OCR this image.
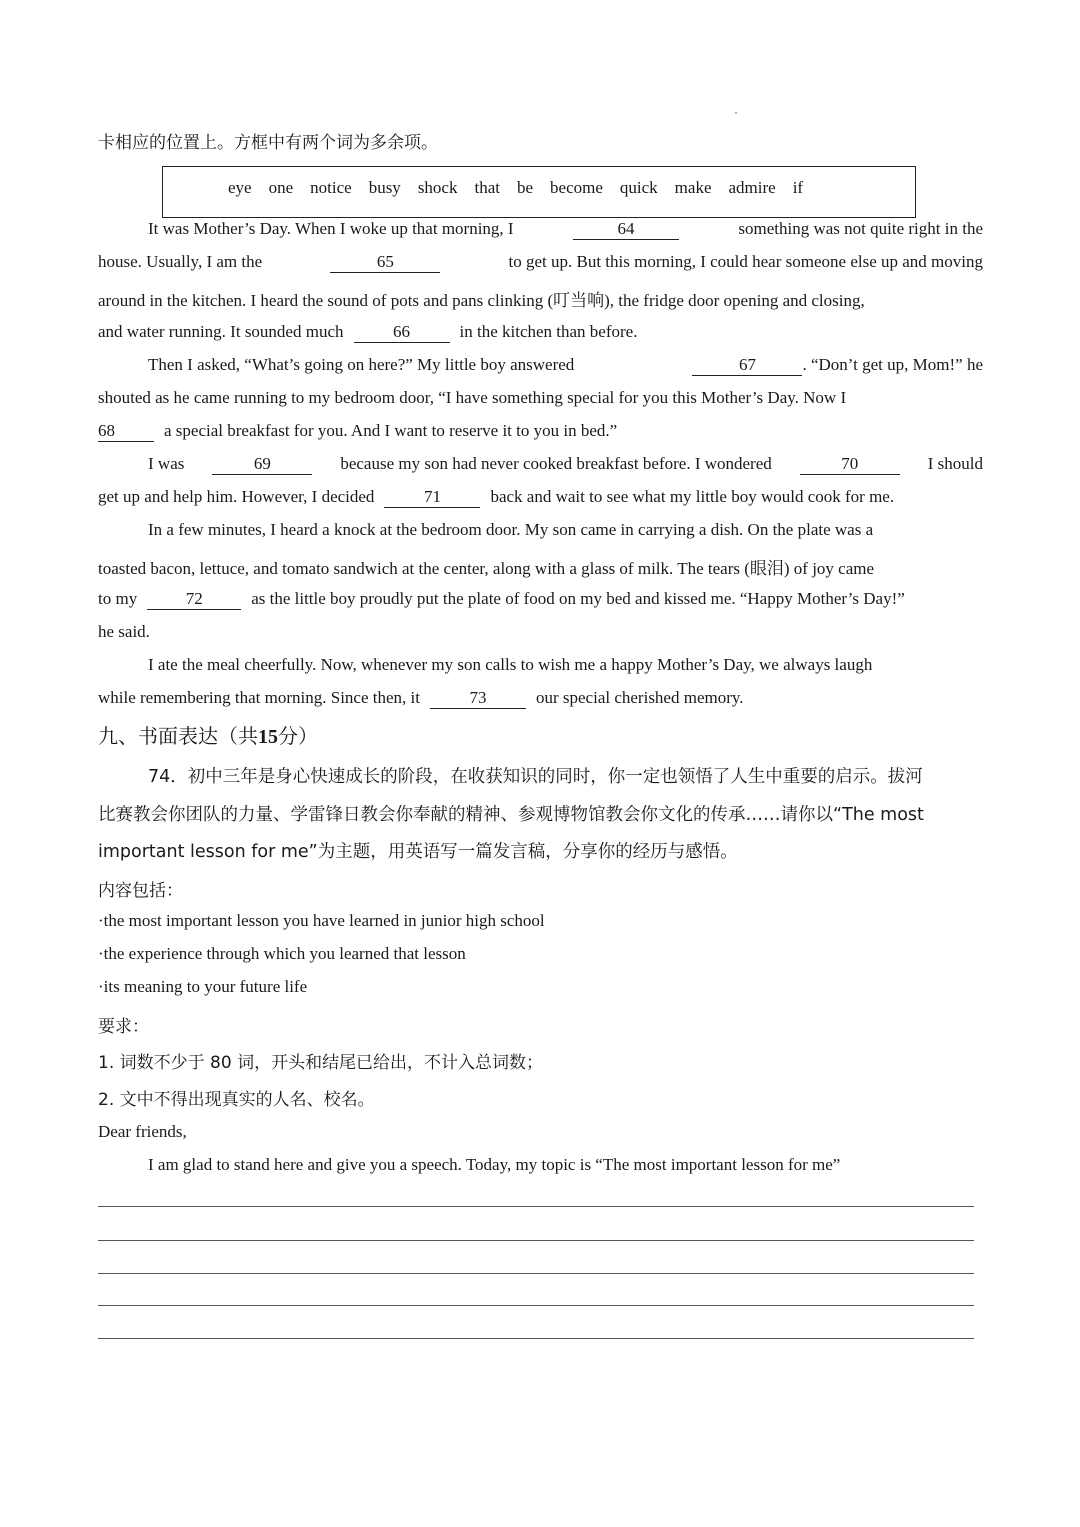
卡相应的位置上。方框中有两个词为多余项。
eye one notice busy shock that be become quick make admire if
It was Mother’s Day. When I woke up that morning, I	64	something was not quite right in the
house. Usually, I am the	65	to get up. But this morning, I could hear someone else up and moving
around in the kitchen. I heard the sound of pots and pans clinking (叮当响), the fridge door opening and closing,
and water running. It sounded much	66	in the kitchen than before.
Then I asked, “What’s going on here?” My little boy answered	67	. “Don’t get up, Mom!” he
shouted as he came running to my bedroom door, “I have something special for you this Mother’s Day. Now I
68	a special breakfast for you. And I want to reserve it to you in bed.”
I was	69	because my son had never cooked breakfast before. I wondered	70	I should
get up and help him. However, I decided	71	back and wait to see what my little boy would cook for me.
In a few minutes, I heard a knock at the bedroom door. My son came in carrying a dish. On the plate was a
toasted bacon, lettuce, and tomato sandwich at the center, along with a glass of milk. The tears (眼泪) of joy came
to my	72	as the little boy proudly put the plate of food on my bed and kissed me. “Happy Mother’s Day!”
he said.
I ate the meal cheerfully. Now, whenever my son calls to wish me a happy Mother’s Day, we always laugh
while remembering that morning. Since then, it	73	our special cherished memory.
九、书面表达（共15分）
74．初中三年是身心快速成长的阶段，在收获知识的同时，你一定也领悟了人生中重要的启示。拔河
比赛教会你团队的力量、学雷锋日教会你奉献的精神、参观博物馆教会你文化的传承……请你以“The most
important lesson for me”为主题，用英语写一篇发言稿，分享你的经历与感悟。
内容包括：
·the most important lesson you have learned in junior high school
·the experience through which you learned that lesson
·its meaning to your future life
要求：
1. 词数不少于 80 词，开头和结尾已给出，不计入总词数；
2. 文中不得出现真实的人名、校名。
Dear friends,
I am glad to stand here and give you a speech. Today, my topic is “The most important lesson for me”
